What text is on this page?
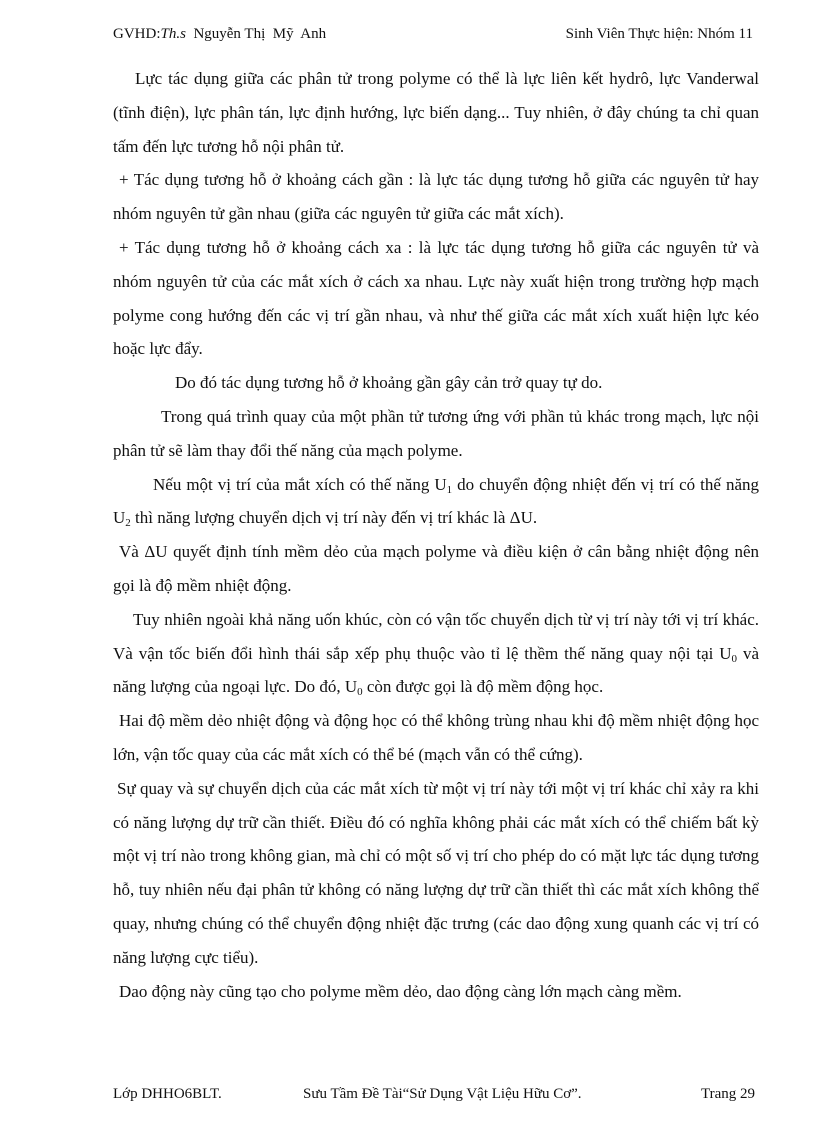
GVHD:Th.s  Nguyễn Thị  Mỹ  Anh	Sinh Viên Thực hiện: Nhóm 11

Lực tác dụng giữa các phân tử trong polyme có thể là lực liên kết hydrô, lực Vanderwal (tĩnh điện), lực phân tán, lực định hướng, lực biến dạng... Tuy nhiên, ở đây chúng ta chỉ quan tấm đến lực tương hỗ nội phân tử.

+ Tác dụng tương hỗ ở khoảng cách gần : là lực tác dụng tương hỗ giữa các nguyên tử hay nhóm nguyên tử gần nhau (giữa các nguyên tử giữa các mắt xích).

+ Tác dụng tương hỗ ở khoảng cách xa : là lực tác dụng tương hỗ giữa các nguyên tử và nhóm nguyên tử của các mắt xích ở cách xa nhau. Lực này xuất hiện trong trường hợp mạch polyme cong hướng đến các vị trí gần nhau, và như thế giữa các mắt xích xuất hiện lực kéo hoặc lực đẩy.

Do đó tác dụng tương hỗ ở khoảng gần gây cản trở quay tự do.

Trong quá trình quay của một phần tử tương ứng với phần tủ khác trong mạch, lực nội phân tử sẽ làm thay đổi thế năng của mạch polyme.

Nếu một vị trí của mắt xích có thế năng $U_1$ do chuyển động nhiệt đến vị trí có thế năng $U_2$ thì năng lượng chuyển dịch vị trí này đến vị trí khác là ΔU.

Và ΔU quyết định tính mềm dẻo của mạch polyme và điều kiện ở cân bằng nhiệt động nên gọi là độ mềm nhiệt động.

Tuy nhiên ngoài khả năng uốn khúc, còn có vận tốc chuyển dịch từ vị trí này tới vị trí khác. Và vận tốc biến đổi hình thái sắp xếp phụ thuộc vào tỉ lệ thềm thế năng quay nội tại $U_0$ và năng lượng của ngoại lực. Do đó, $U_0$ còn được gọi là độ mềm động học.

Hai độ mềm dẻo nhiệt động và động học có thể không trùng nhau khi độ mềm nhiệt động học lớn, vận tốc quay của các mắt xích có thể bé (mạch vẫn có thể cứng).

Sự quay và sự chuyển dịch của các mắt xích từ một vị trí này tới một vị trí khác chỉ xảy ra khi có năng lượng dự trữ cần thiết. Điều đó có nghĩa không phải các mắt xích có thể chiếm bất kỳ một vị trí nào trong không gian, mà chỉ có một số vị trí cho phép do có mặt lực tác dụng tương hỗ, tuy nhiên nếu đại phân tử không có năng lượng dự trữ cần thiết thì các mắt xích không thể quay, nhưng chúng có thể chuyển động nhiệt đặc trưng (các dao động xung quanh các vị trí có năng lượng cực tiểu).

Dao động này cũng tạo cho polyme mềm dẻo, dao động càng lớn mạch càng mềm.

Lớp DHHO6BLT.	Sưu Tầm Đề Tài“Sử Dụng Vật Liệu Hữu Cơ”.	Trang 29
